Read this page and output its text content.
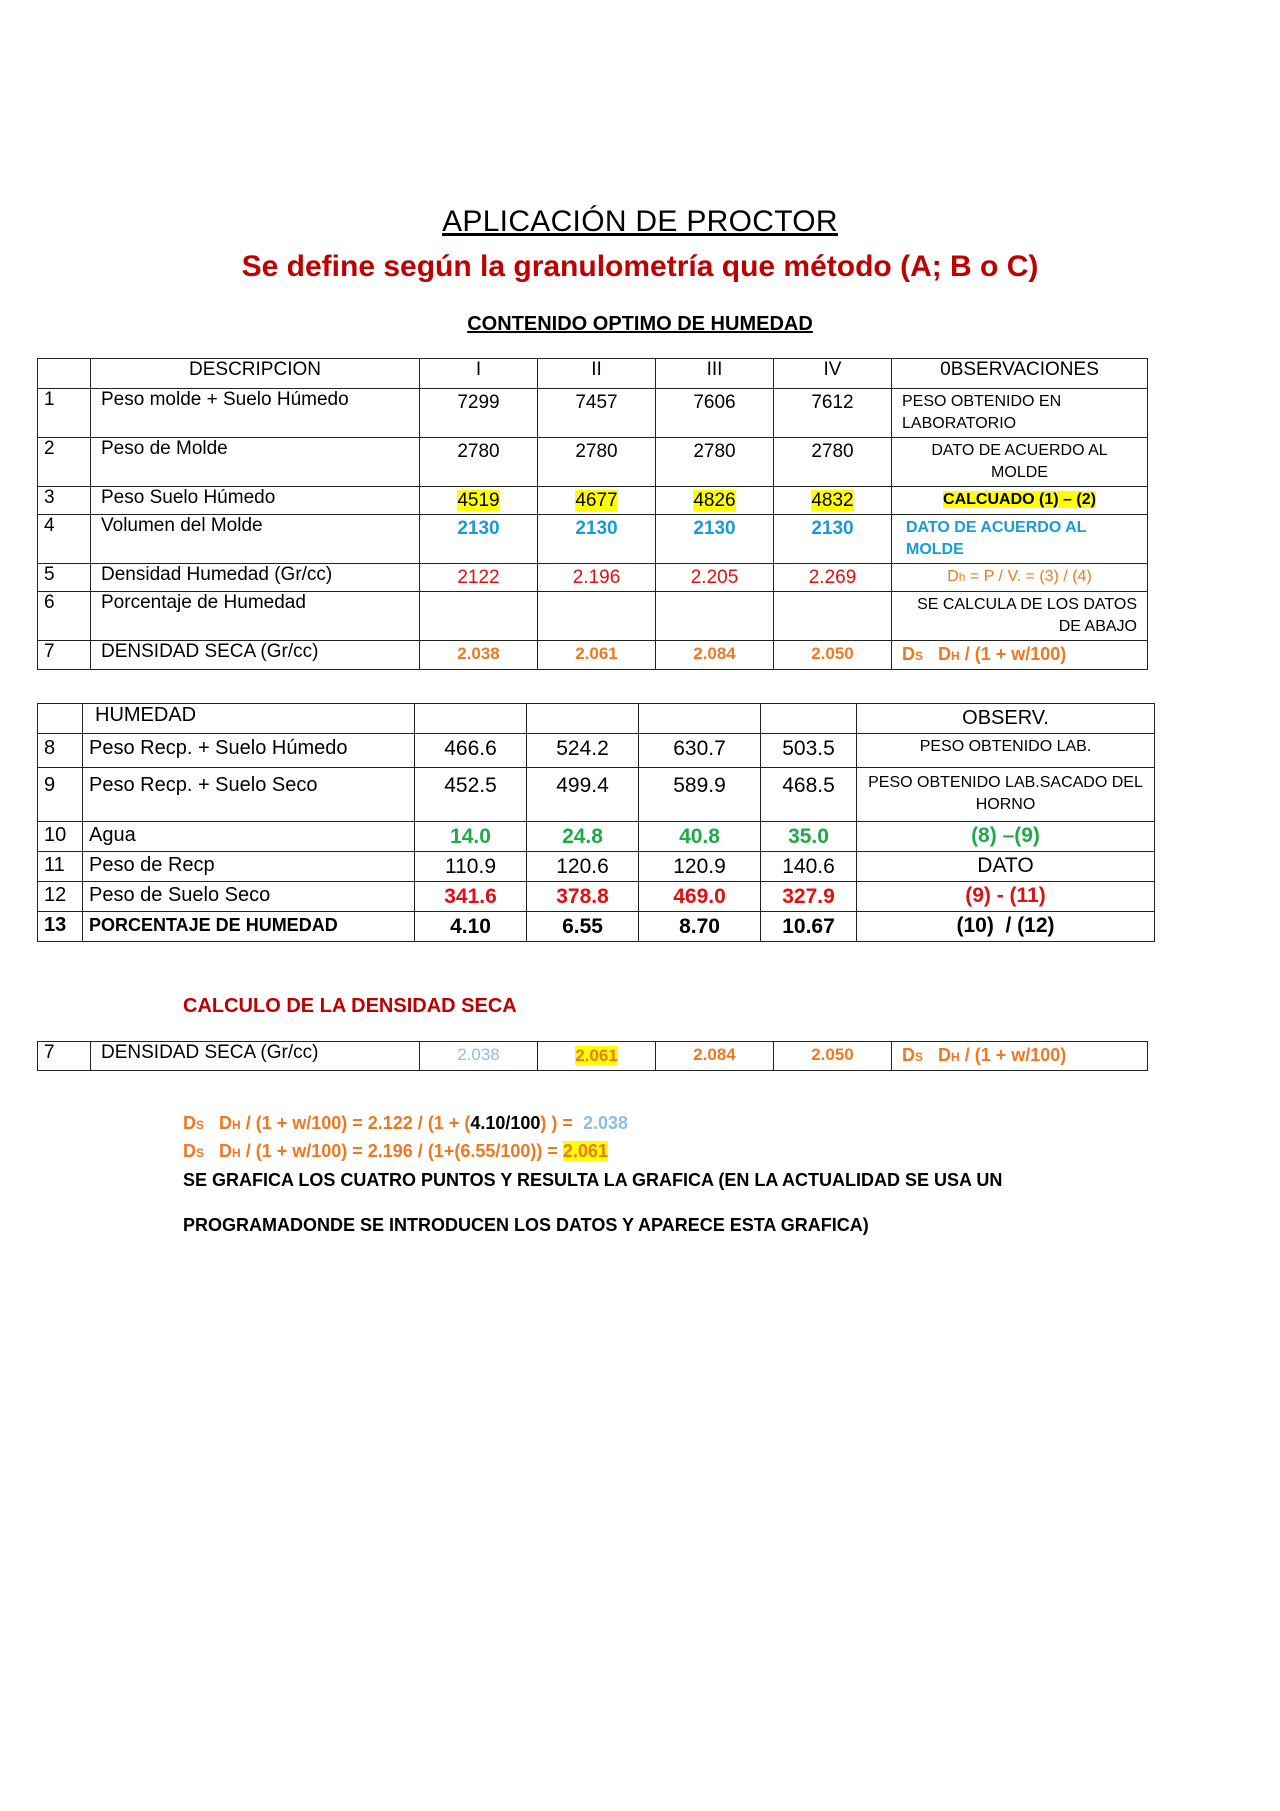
APLICACIÓN DE PROCTOR
Se define según la granulometría que método (A; B o C)
CONTENIDO OPTIMO DE HUMEDAD
	DESCRIPCION	I	II	III	IV	0BSERVACIONES
1	Peso molde + Suelo Húmedo	7299	7457	7606	7612	PESO OBTENIDO EN LABORATORIO
2	Peso de Molde	2780	2780	2780	2780	DATO DE ACUERDO AL MOLDE
3	Peso Suelo Húmedo	4519	4677	4826	4832	CALCUADO (1) – (2)
4	Volumen del Molde	2130	2130	2130	2130	DATO DE ACUERDO AL MOLDE
5	Densidad Humedad (Gr/cc)	2122	2.196	2.205	2.269	Dh = P / V. = (3) / (4)
6	Porcentaje de Humedad					SE CALCULA DE LOS DATOS DE ABAJO
7	DENSIDAD SECA (Gr/cc)	2.038	2.061	2.084	2.050	DS DH / (1 + w/100)
	HUMEDAD					OBSERV.
8	Peso Recp. + Suelo Húmedo	466.6	524.2	630.7	503.5	PESO OBTENIDO LAB.
9	Peso Recp. + Suelo Seco	452.5	499.4	589.9	468.5	PESO OBTENIDO LAB.SACADO DEL HORNO
10	Agua	14.0	24.8	40.8	35.0	(8) –(9)
11	Peso de Recp	110.9	120.6	120.9	140.6	DATO
12	Peso de Suelo Seco	341.6	378.8	469.0	327.9	(9) - (11)
13	PORCENTAJE DE HUMEDAD	4.10	6.55	8.70	10.67	(10)  / (12)
CALCULO DE LA DENSIDAD SECA
7	DENSIDAD SECA (Gr/cc)	2.038	2.061	2.084	2.050	DS DH / (1 + w/100)
DS DH / (1 + w/100) = 2.122 / (1 + (4.10/100) ) =  2.038
DS DH / (1 + w/100) = 2.196 / (1+(6.55/100)) = 2.061
SE GRAFICA LOS CUATRO PUNTOS Y RESULTA LA GRAFICA (EN LA ACTUALIDAD SE USA UN
PROGRAMADONDE SE INTRODUCEN LOS DATOS Y APARECE ESTA GRAFICA)
